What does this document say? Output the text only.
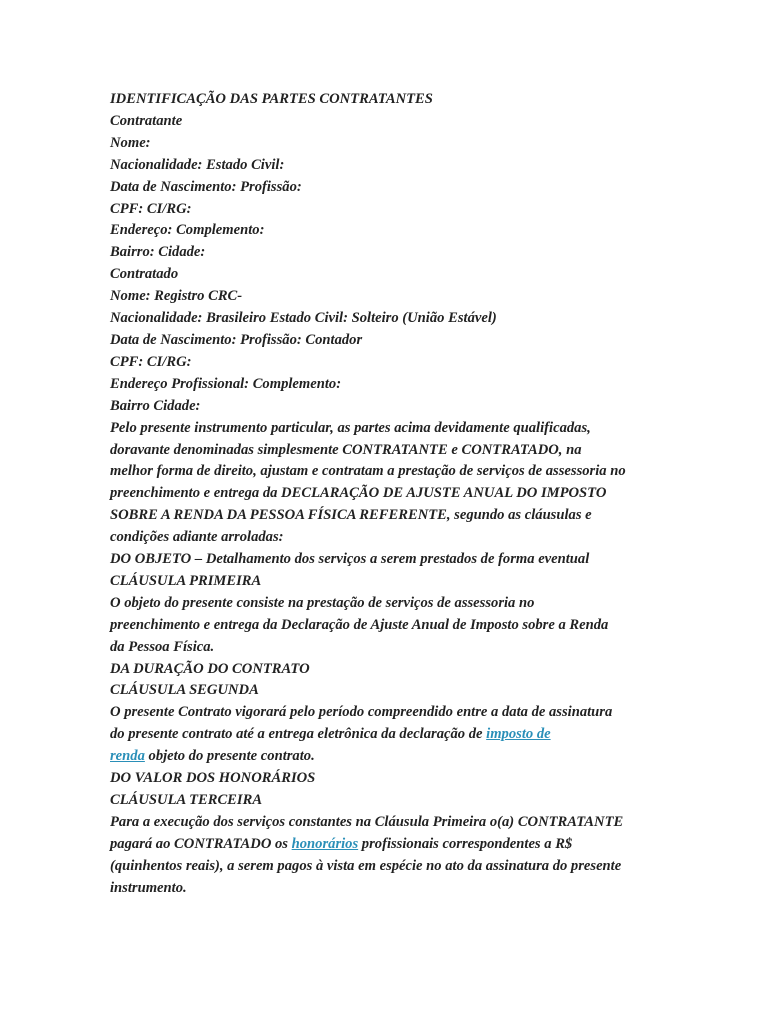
IDENTIFICAÇÃO DAS PARTES CONTRATANTES
Contratante
Nome:
Nacionalidade: Estado Civil:
Data de Nascimento: Profissão:
CPF: CI/RG:
Endereço: Complemento:
Bairro: Cidade:
Contratado
Nome: Registro CRC-
Nacionalidade: Brasileiro Estado Civil: Solteiro (União Estável)
Data de Nascimento: Profissão: Contador
CPF: CI/RG:
Endereço Profissional: Complemento:
Bairro Cidade:
Pelo presente instrumento particular, as partes acima devidamente qualificadas,
doravante denominadas simplesmente CONTRATANTE e CONTRATADO, na
melhor forma de direito, ajustam e contratam a prestação de serviços de assessoria no
preenchimento e entrega da DECLARAÇÃO DE AJUSTE ANUAL DO IMPOSTO
SOBRE A RENDA DA PESSOA FÍSICA REFERENTE, segundo as cláusulas e
condições adiante arroladas:
DO OBJETO – Detalhamento dos serviços a serem prestados de forma eventual
CLÁUSULA PRIMEIRA
O objeto do presente consiste na prestação de serviços de assessoria no
preenchimento e entrega da Declaração de Ajuste Anual de Imposto sobre a Renda
da Pessoa Física.
DA DURAÇÃO DO CONTRATO
CLÁUSULA SEGUNDA
O presente Contrato vigorará pelo período compreendido entre a data de assinatura
do presente contrato até a entrega eletrônica da declaração de imposto de
renda objeto do presente contrato.
DO VALOR DOS HONORÁRIOS
CLÁUSULA TERCEIRA
Para a execução dos serviços constantes na Cláusula Primeira o(a) CONTRATANTE
pagará ao CONTRATADO os honorários profissionais correspondentes a R$
(quinhentos reais), a serem pagos à vista em espécie no ato da assinatura do presente
instrumento.
